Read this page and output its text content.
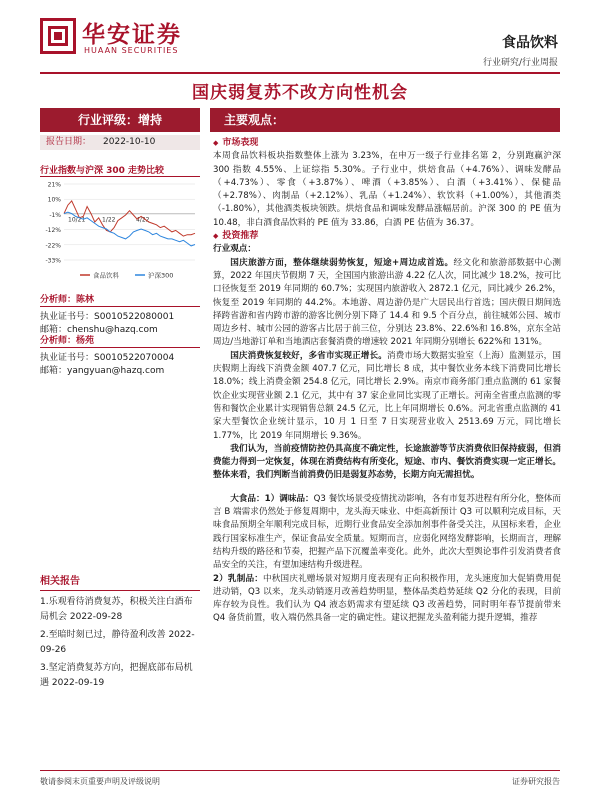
华安证券
HUAAN SECURITIES	食品饮料
行业研究/行业周报
国庆弱复苏不改方向性机会
行业评级：增持
报告日期： 2022-10-10
行业指数与沪深 300 走势比较
21%
10%
-1%
-12%
-22%
-33%
10/21	1/22	4/22
食品饮料	沪深300
分析师：陈林
执业证书号：S0010522080001
邮箱：chenshu@hazq.com
分析师：杨苑
执业证书号：S0010522070004
邮箱：yangyuan@hazq.com
相关报告
1.乐观看待消费复苏，积极关注白酒布局机会 2022-09-28
2.至暗时刻已过，静待盈利改善 2022-09-26
3.坚定消费复苏方向，把握底部布局机遇 2022-09-19
主要观点：
◆ 市场表现
本周食品饮料板块指数整体上涨为 3.23%，在申万一级子行业排名第 2，分别跑赢沪深 300 指数 4.55%、上证综指 5.30%。子行业中，烘焙食品（+4.76%）、调味发酵品（+4.73%）、零食（+3.87%）、啤酒（+3.85%）、白酒（+3.41%）、保健品（+2.78%）、肉制品（+2.12%）、乳品（+1.24%）、软饮料（+1.00%），其他酒类（-1.80%），其他酒类板块领跌。烘焙食品和调味发酵品涨幅居前。沪深 300 的 PE 值为 10.48，非白酒食品饮料的 PE 值为 33.86，白酒 PE 估值为 36.37。
◆ 投资推荐
行业观点：
国庆旅游方面，整体继续弱势恢复，短途+周边成首选。经文化和旅游部数据中心测算，2022 年国庆节假期 7 天，全国国内旅游出游 4.22 亿人次，同比减少 18.2%，按可比口径恢复至 2019 年同期的 60.7%；实现国内旅游收入 2872.1 亿元，同比减少 26.2%，恢复至 2019 年同期的 44.2%。本地游、周边游仍是广大居民出行首选；国庆假日期间选择跨省游和省内跨市游的游客比例分别下降了 14.4 和 9.5 个百分点，前往城郊公园、城市周边乡村、城市公园的游客占比居于前三位，分别达 23.8%、22.6%和 16.8%，京东全站周边/当地游订单和当地酒店套餐消费的增速较 2021 年同期分别增长 622%和 131%。
国庆消费恢复较好，多省市实现正增长。消费市场大数据实验室（上海）监测显示，国庆假期上海线下消费金额 407.7 亿元，同比增长 8 成，其中餐饮业务本线下消费同比增长 18.0%；线上消费金额 254.8 亿元，同比增长 2.9%。南京市商务部门重点监测的 61 家餐饮企业实现营业额 2.1 亿元，其中有 37 家企业同比实现了正增长。河南全省重点监测的零售和餐饮企业累计实现销售总额 24.5 亿元，比上年同期增长 0.6%。河北省重点监测的 41 家大型餐饮企业统计显示，10 月 1 日至 7 日实现营业收入 2513.69 万元，同比增长 1.77%，比 2019 年同期增长 9.36%。
我们认为，当前疫情防控仍具高度不确定性，长途旅游等节庆消费依旧保持疲弱，但消费能力得到一定恢复，体现在消费结构有所变化，短途、市内、餐饮消费实现一定正增长。整体来看，我们判断当前消费仍旧是弱复苏态势，长期方向无需担忧。
大食品：1）调味品：Q3 餐饮场景受疫情扰动影响，各有市复苏进程有所分化，整体而言 B 端需求仍然处于修复周期中，龙头海天味业、中炬高新预计 Q3 可以顺利完成目标，天味食品预期全年顺利完成目标，近期行业食品安全添加剂事件备受关注，从国标来看，企业践行国家标准生产，保证食品安全质量。短期而言，应弱化网络发酵影响，长期而言，理解结构升级的路径和节奏，把握产品下沉覆盖率变化。此外，此次大型舆论事件引发消费者食品安全的关注，有望加速结构升级进程。
2）乳制品：中秋国庆礼赠场景对短期月度表现有正向积极作用，龙头速度加大促销费用促进动销，Q3 以来，龙头动销逐月改善趋势明显，整体品类趋势延续 Q2 分化的表现，目前库存较为良性。我们认为 Q4 液态奶需求有望延续 Q3 改善趋势，同时明年春节提前带来 Q4 备货前置，收入端仍然具备一定的确定性。建议把握龙头盈利能力提升逻辑，推荐
敬请参阅末页重要声明及评级说明	证券研究报告
